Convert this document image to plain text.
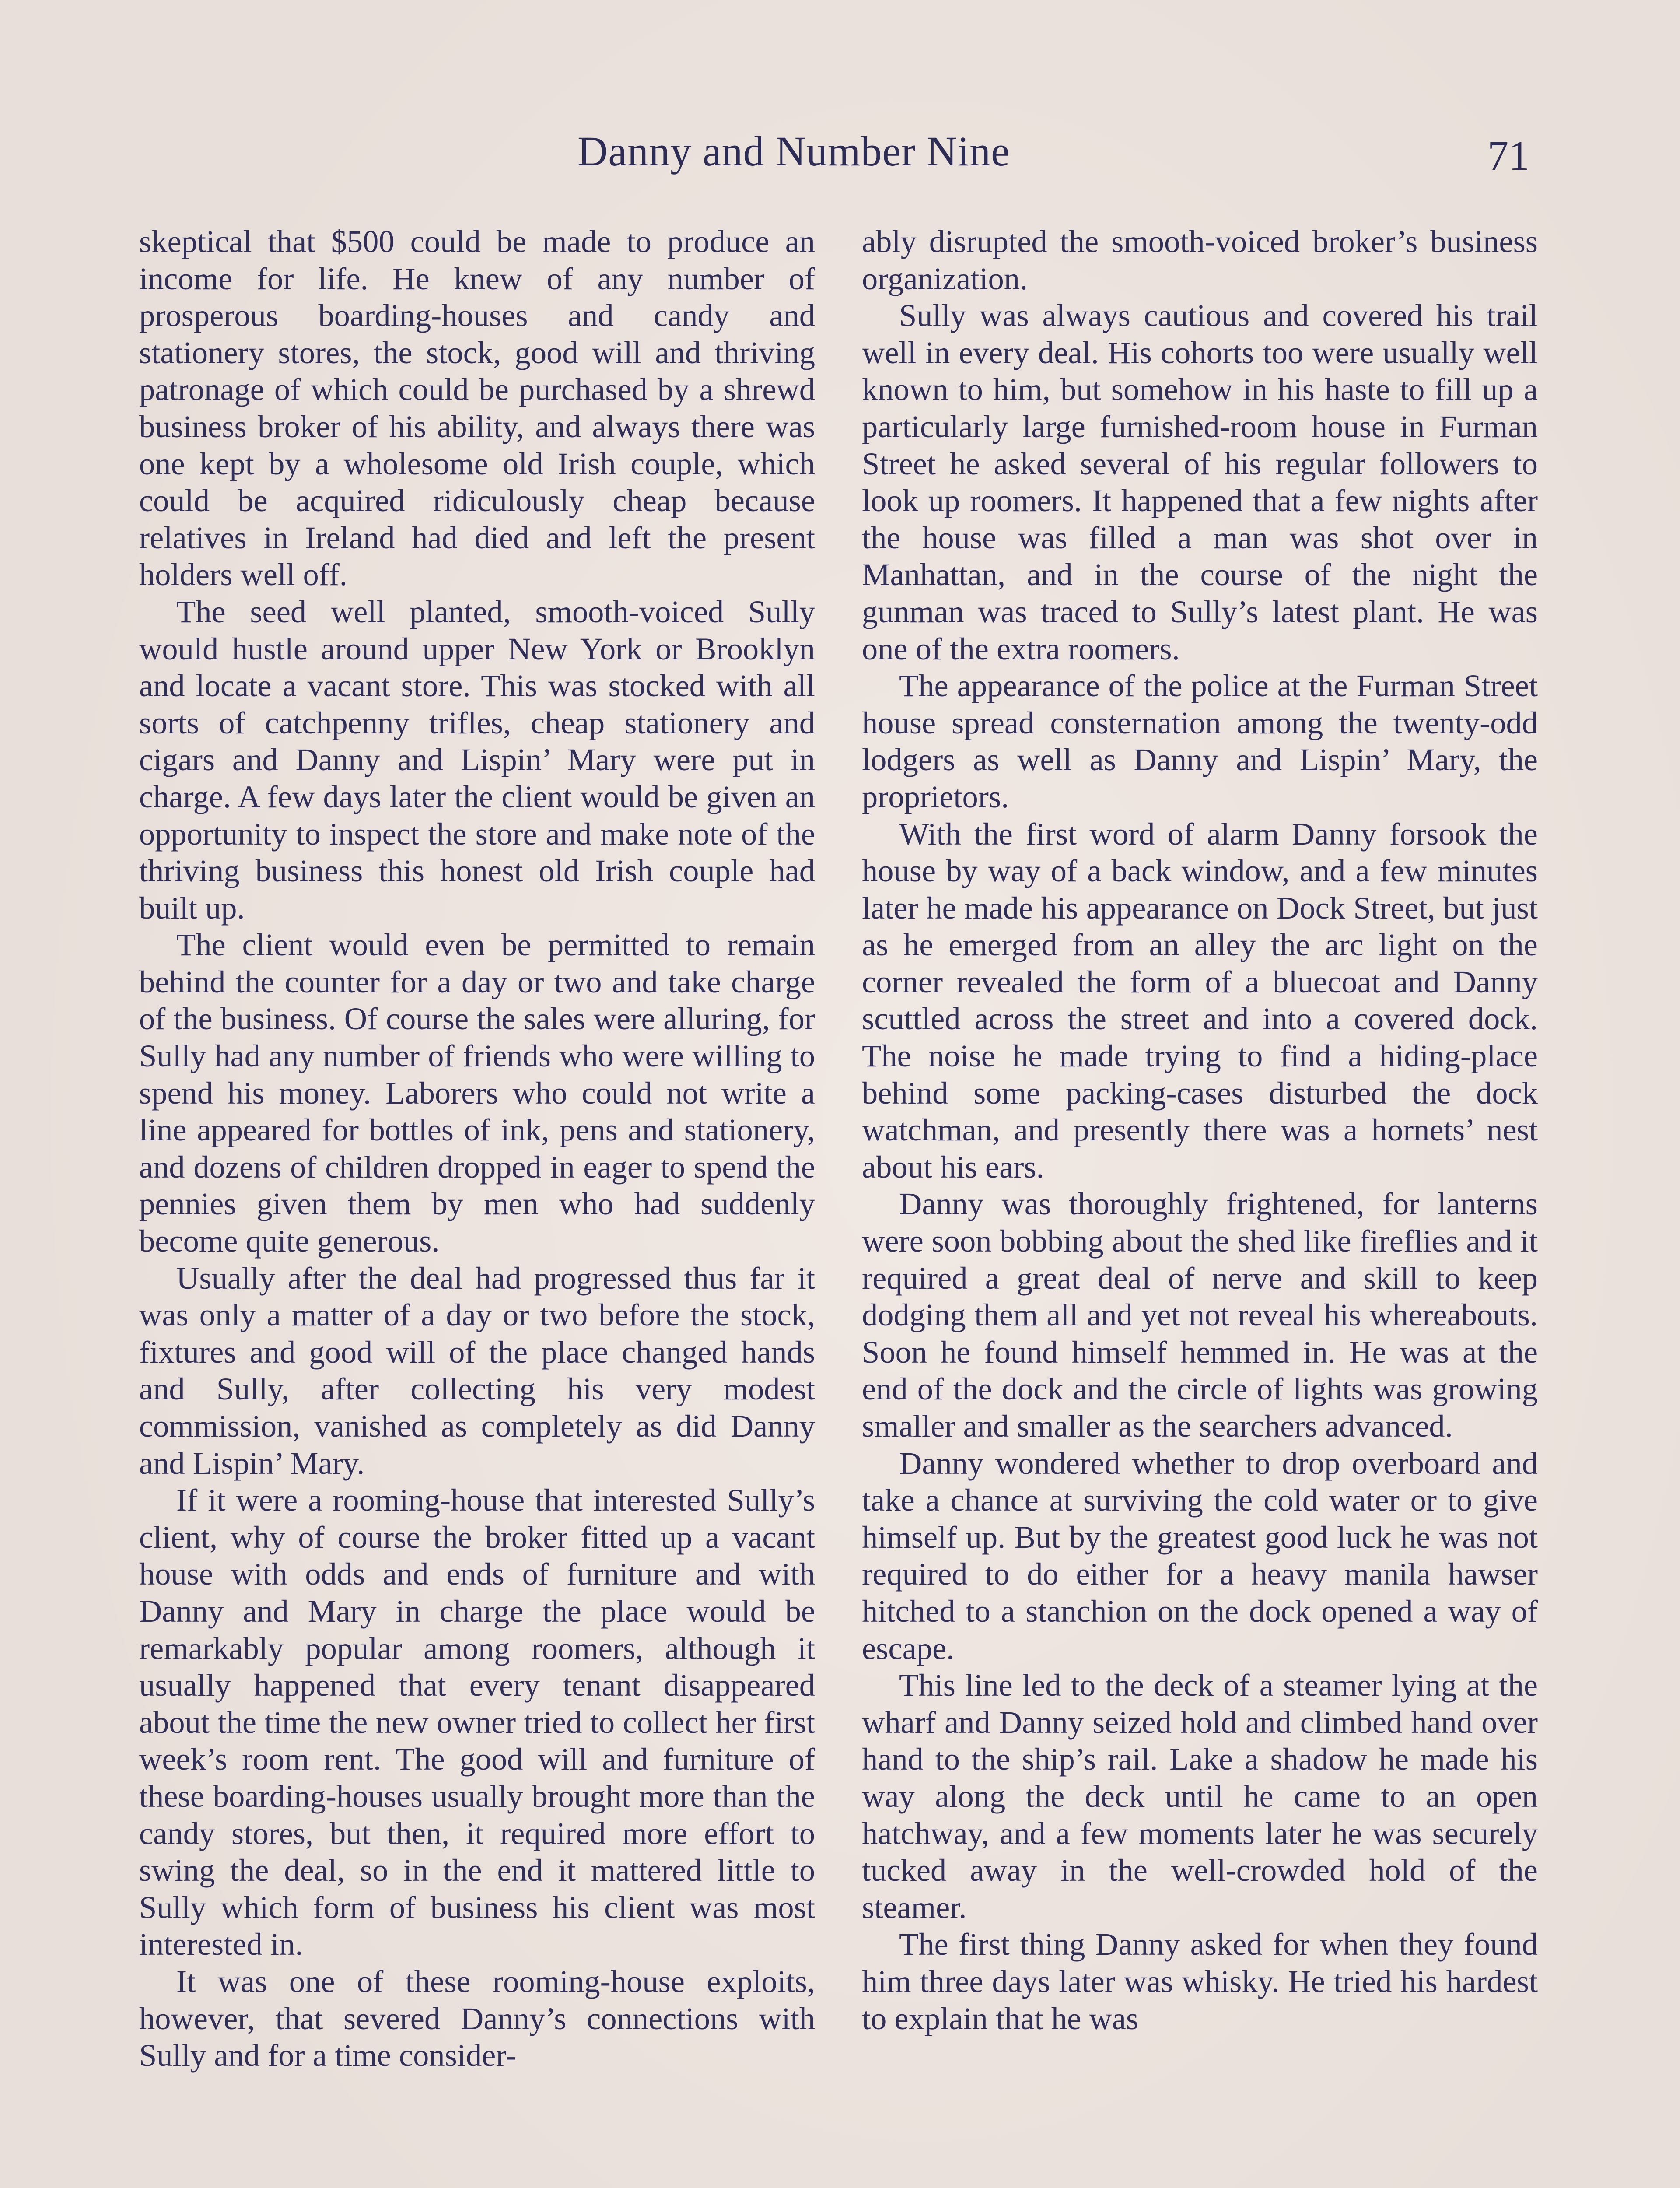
Danny and Number Nine	71

skeptical that $500 could be made to produce an income for life. He knew of any number of prosperous boarding-houses and candy and stationery stores, the stock, good will and thriving patronage of which could be purchased by a shrewd business broker of his ability, and always there was one kept by a wholesome old Irish couple, which could be acquired ridiculously cheap because relatives in Ireland had died and left the present holders well off.

The seed well planted, smooth-voiced Sully would hustle around upper New York or Brooklyn and locate a vacant store. This was stocked with all sorts of catchpenny trifles, cheap stationery and cigars and Danny and Lispin’ Mary were put in charge. A few days later the client would be given an opportunity to inspect the store and make note of the thriving business this honest old Irish couple had built up.

The client would even be permitted to remain behind the counter for a day or two and take charge of the business. Of course the sales were alluring, for Sully had any number of friends who were willing to spend his money. Laborers who could not write a line appeared for bottles of ink, pens and stationery, and dozens of children dropped in eager to spend the pennies given them by men who had suddenly become quite generous.

Usually after the deal had progressed thus far it was only a matter of a day or two before the stock, fixtures and good will of the place changed hands and Sully, after collecting his very modest commission, vanished as completely as did Danny and Lispin’ Mary.

If it were a rooming-house that interested Sully’s client, why of course the broker fitted up a vacant house with odds and ends of furniture and with Danny and Mary in charge the place would be remarkably popular among roomers, although it usually happened that every tenant disappeared about the time the new owner tried to collect her first week’s room rent. The good will and furniture of these boarding-houses usually brought more than the candy stores, but then, it required more effort to swing the deal, so in the end it mattered little to Sully which form of business his client was most interested in.

It was one of these rooming-house exploits, however, that severed Danny’s connections with Sully and for a time consider-

ably disrupted the smooth-voiced broker’s business organization.

Sully was always cautious and covered his trail well in every deal. His cohorts too were usually well known to him, but somehow in his haste to fill up a particularly large furnished-room house in Furman Street he asked several of his regular followers to look up roomers. It happened that a few nights after the house was filled a man was shot over in Manhattan, and in the course of the night the gunman was traced to Sully’s latest plant. He was one of the extra roomers.

The appearance of the police at the Furman Street house spread consternation among the twenty-odd lodgers as well as Danny and Lispin’ Mary, the proprietors.

With the first word of alarm Danny forsook the house by way of a back window, and a few minutes later he made his appearance on Dock Street, but just as he emerged from an alley the arc light on the corner revealed the form of a bluecoat and Danny scuttled across the street and into a covered dock. The noise he made trying to find a hiding-place behind some packing-cases disturbed the dock watchman, and presently there was a hornets’ nest about his ears.

Danny was thoroughly frightened, for lanterns were soon bobbing about the shed like fireflies and it required a great deal of nerve and skill to keep dodging them all and yet not reveal his whereabouts. Soon he found himself hemmed in. He was at the end of the dock and the circle of lights was growing smaller and smaller as the searchers advanced.

Danny wondered whether to drop overboard and take a chance at surviving the cold water or to give himself up. But by the greatest good luck he was not required to do either for a heavy manila hawser hitched to a stanchion on the dock opened a way of escape.

This line led to the deck of a steamer lying at the wharf and Danny seized hold and climbed hand over hand to the ship’s rail. Lake a shadow he made his way along the deck until he came to an open hatchway, and a few moments later he was securely tucked away in the well-crowded hold of the steamer.

The first thing Danny asked for when they found him three days later was whisky. He tried his hardest to explain that he was
